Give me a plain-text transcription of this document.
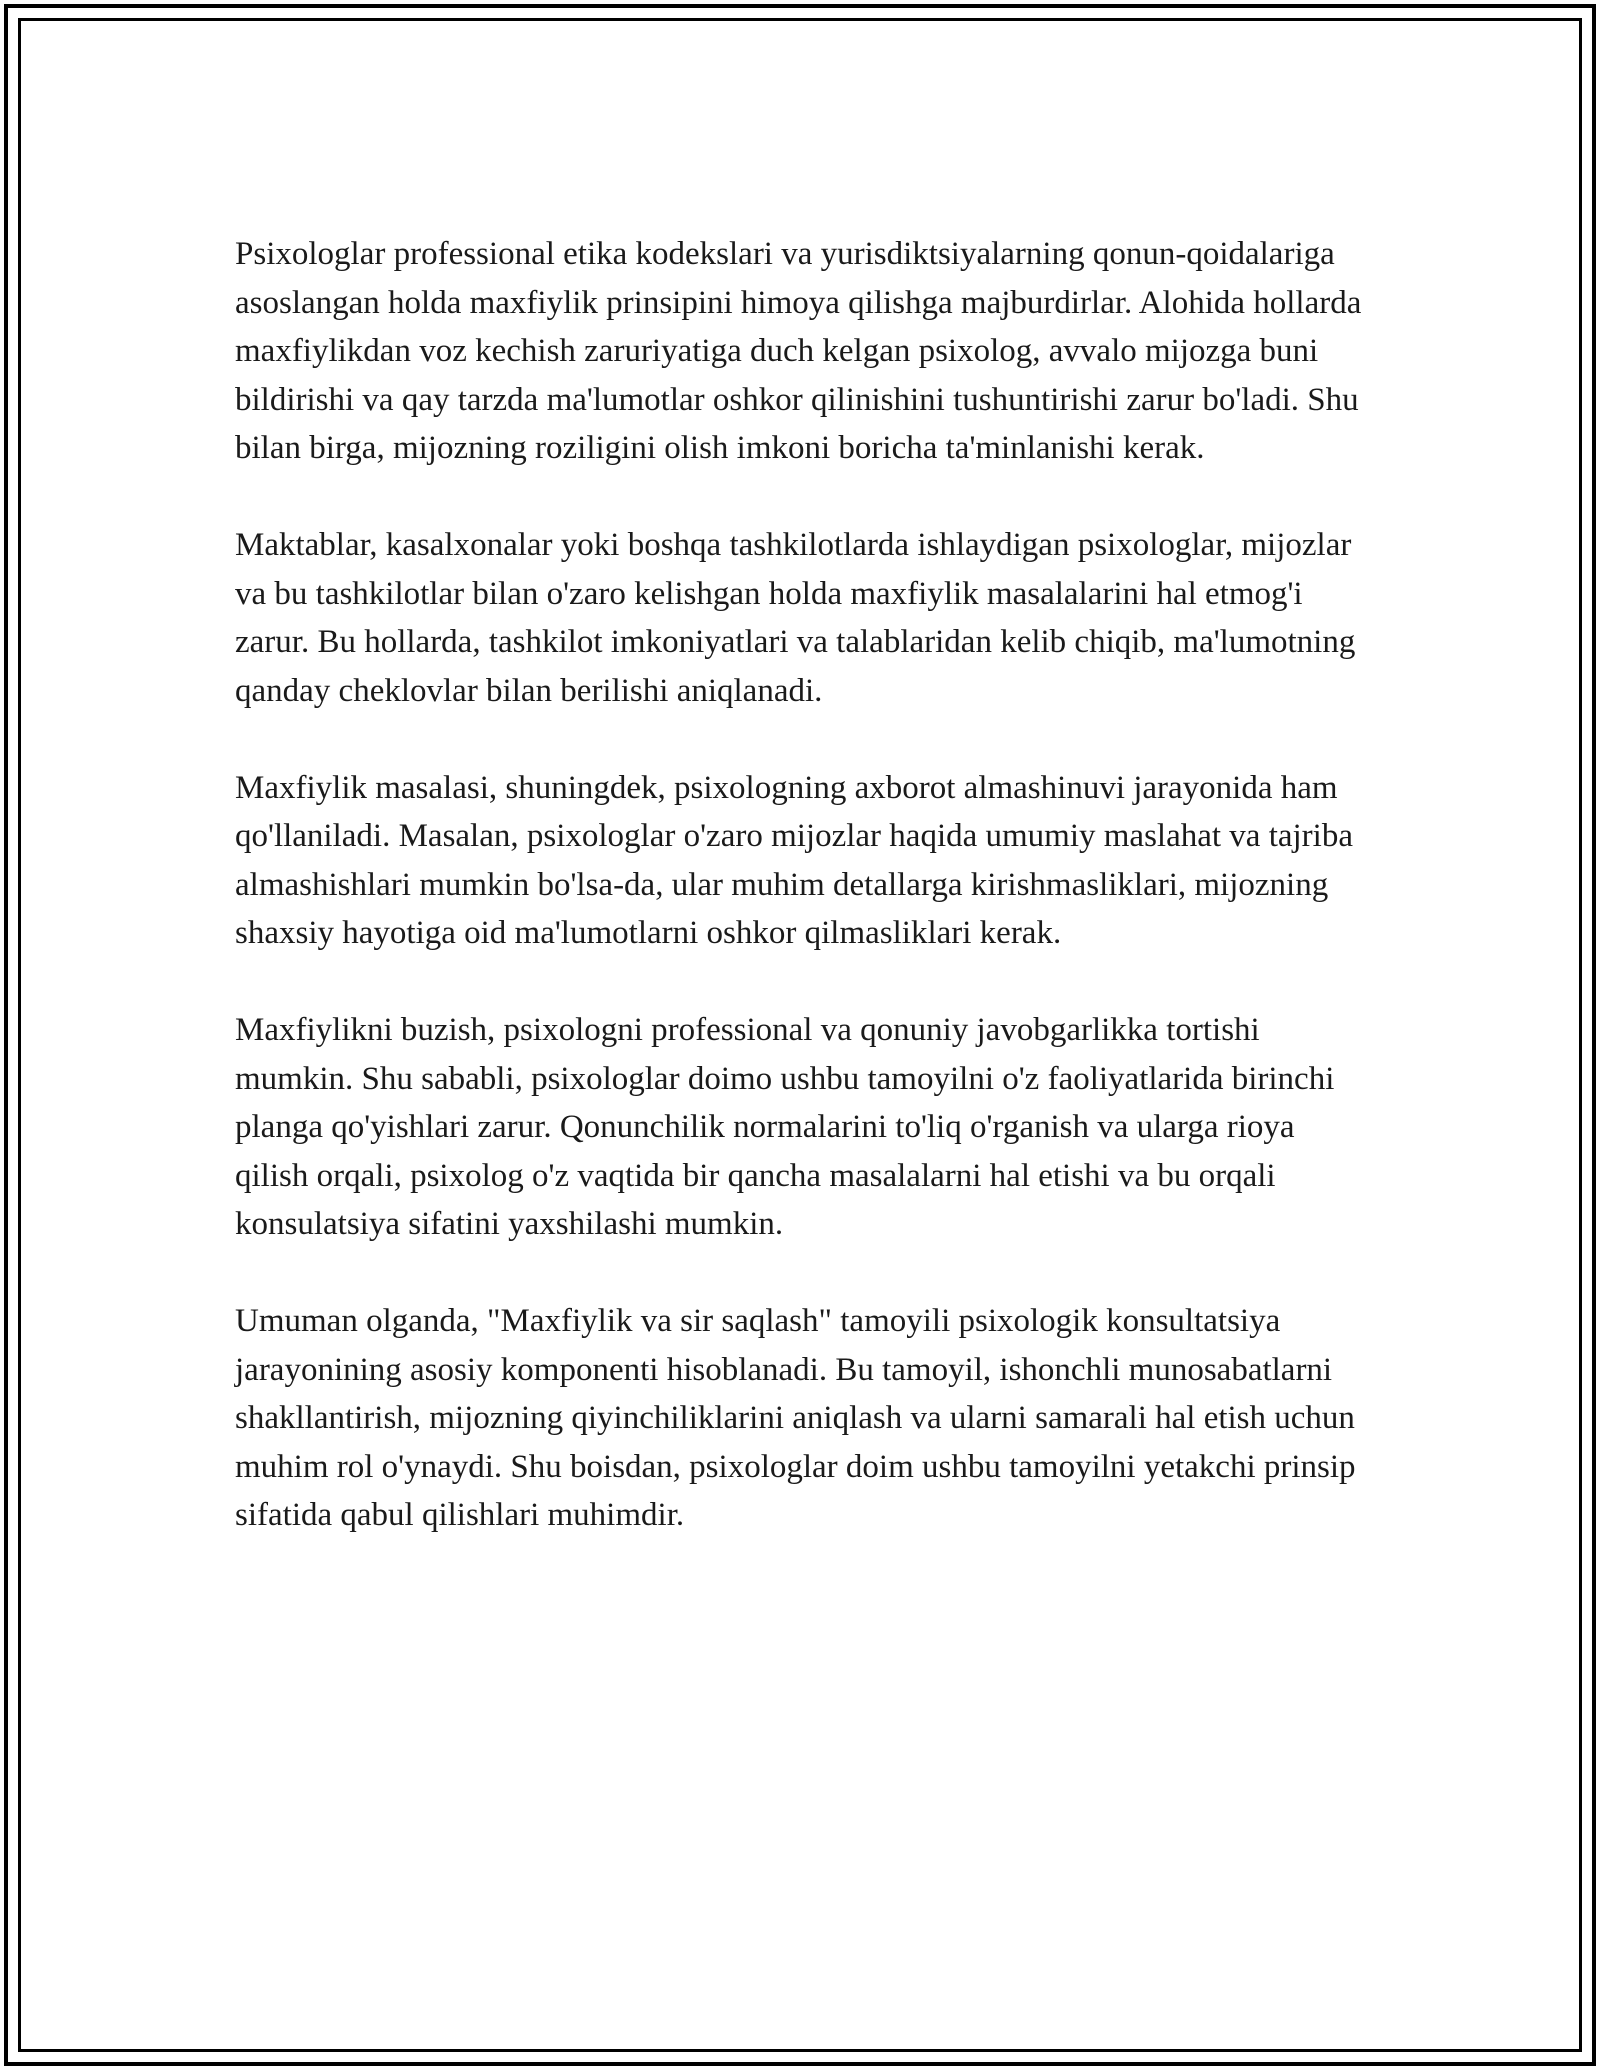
Psixologlar professional etika kodekslari va yurisdiktsiyalarning qonun-qoidalariga asoslangan holda maxfiylik prinsipini himoya qilishga majburdirlar. Alohida hollarda maxfiylikdan voz kechish zaruriyatiga duch kelgan psixolog, avvalo mijozga buni bildirishi va qay tarzda ma'lumotlar oshkor qilinishini tushuntirishi zarur bo'ladi. Shu bilan birga, mijozning roziligini olish imkoni boricha ta'minlanishi kerak.

Maktablar, kasalxonalar yoki boshqa tashkilotlarda ishlaydigan psixologlar, mijozlar va bu tashkilotlar bilan o'zaro kelishgan holda maxfiylik masalalarini hal etmog'i zarur. Bu hollarda, tashkilot imkoniyatlari va talablaridan kelib chiqib, ma'lumotning qanday cheklovlar bilan berilishi aniqlanadi.

Maxfiylik masalasi, shuningdek, psixologning axborot almashinuvi jarayonida ham qo'llaniladi. Masalan, psixologlar o'zaro mijozlar haqida umumiy maslahat va tajriba almashishlari mumkin bo'lsa-da, ular muhim detallarga kirishmasliklari, mijozning shaxsiy hayotiga oid ma'lumotlarni oshkor qilmasliklari kerak.

Maxfiylikni buzish, psixologni professional va qonuniy javobgarlikka tortishi mumkin. Shu sababli, psixologlar doimo ushbu tamoyilni o'z faoliyatlarida birinchi planga qo'yishlari zarur. Qonunchilik normalarini to'liq o'rganish va ularga rioya qilish orqali, psixolog o'z vaqtida bir qancha masalalarni hal etishi va bu orqali konsulatsiya sifatini yaxshilashi mumkin.

Umuman olganda, "Maxfiylik va sir saqlash" tamoyili psixologik konsultatsiya jarayonining asosiy komponenti hisoblanadi. Bu tamoyil, ishonchli munosabatlarni shakllantirish, mijozning qiyinchiliklarini aniqlash va ularni samarali hal etish uchun muhim rol o'ynaydi. Shu boisdan, psixologlar doim ushbu tamoyilni yetakchi prinsip sifatida qabul qilishlari muhimdir.
